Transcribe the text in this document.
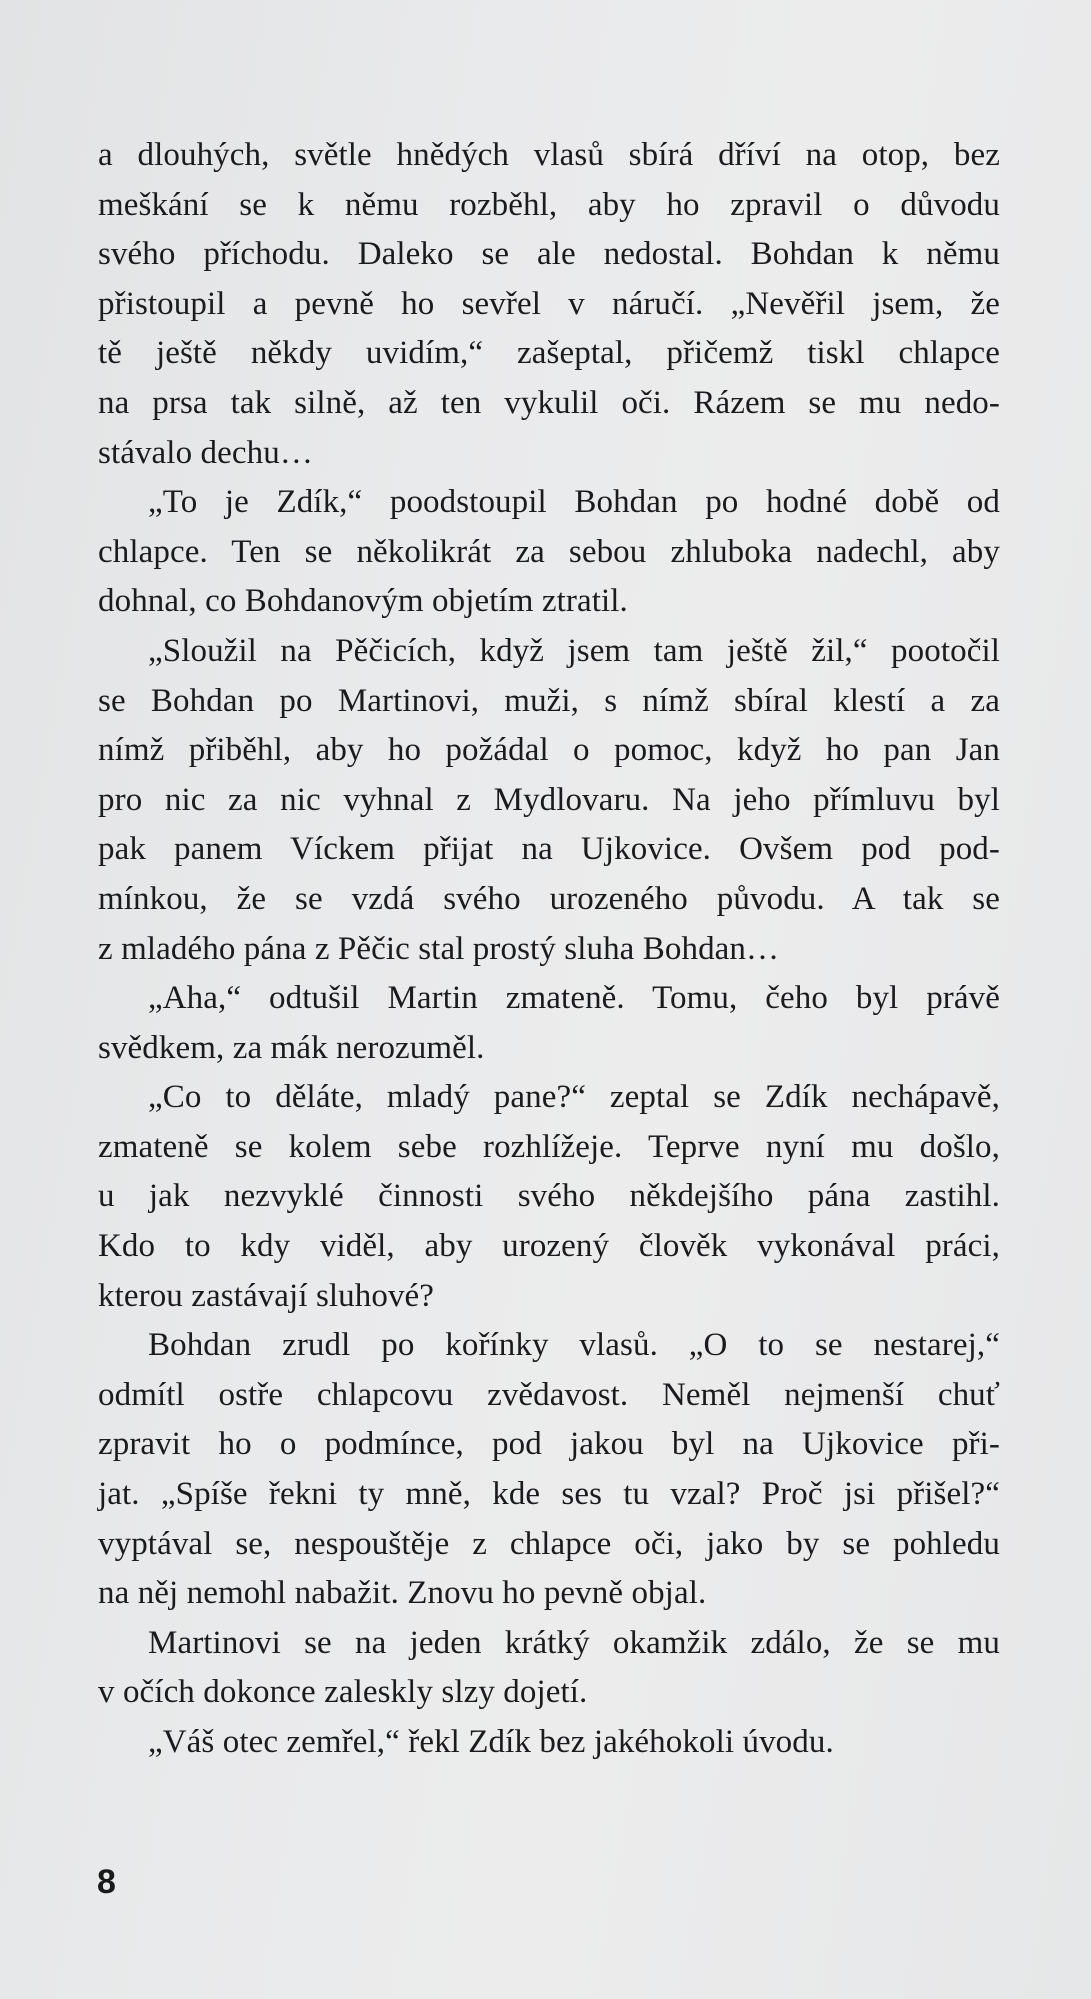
a dlouhých, světle hnědých vlasů sbírá dříví na otop, bez
meškání se k němu rozběhl, aby ho zpravil o důvodu
svého příchodu. Daleko se ale nedostal. Bohdan k němu
přistoupil a pevně ho sevřel v náručí. „Nevěřil jsem, že
tě ještě někdy uvidím,“ zašeptal, přičemž tiskl chlapce
na prsa tak silně, až ten vykulil oči. Rázem se mu nedo-
stávalo dechu…
„To je Zdík,“ poodstoupil Bohdan po hodné době od
chlapce. Ten se několikrát za sebou zhluboka nadechl, aby
dohnal, co Bohdanovým objetím ztratil.
„Sloužil na Pěčicích, když jsem tam ještě žil,“ pootočil
se Bohdan po Martinovi, muži, s nímž sbíral klestí a za
nímž přiběhl, aby ho požádal o pomoc, když ho pan Jan
pro nic za nic vyhnal z Mydlovaru. Na jeho přímluvu byl
pak panem Víckem přijat na Ujkovice. Ovšem pod pod-
mínkou, že se vzdá svého urozeného původu. A tak se
z mladého pána z Pěčic stal prostý sluha Bohdan…
„Aha,“ odtušil Martin zmateně. Tomu, čeho byl právě
svědkem, za mák nerozuměl.
„Co to děláte, mladý pane?“ zeptal se Zdík nechápavě,
zmateně se kolem sebe rozhlížeje. Teprve nyní mu došlo,
u jak nezvyklé činnosti svého někdejšího pána zastihl.
Kdo to kdy viděl, aby urozený člověk vykonával práci,
kterou zastávají sluhové?
Bohdan zrudl po kořínky vlasů. „O to se nestarej,“
odmítl ostře chlapcovu zvědavost. Neměl nejmenší chuť
zpravit ho o podmínce, pod jakou byl na Ujkovice při-
jat. „Spíše řekni ty mně, kde ses tu vzal? Proč jsi přišel?“
vyptával se, nespouštěje z chlapce oči, jako by se pohledu
na něj nemohl nabažit. Znovu ho pevně objal.
Martinovi se na jeden krátký okamžik zdálo, že se mu
v očích dokonce zaleskly slzy dojetí.
„Váš otec zemřel,“ řekl Zdík bez jakéhokoli úvodu.
8
